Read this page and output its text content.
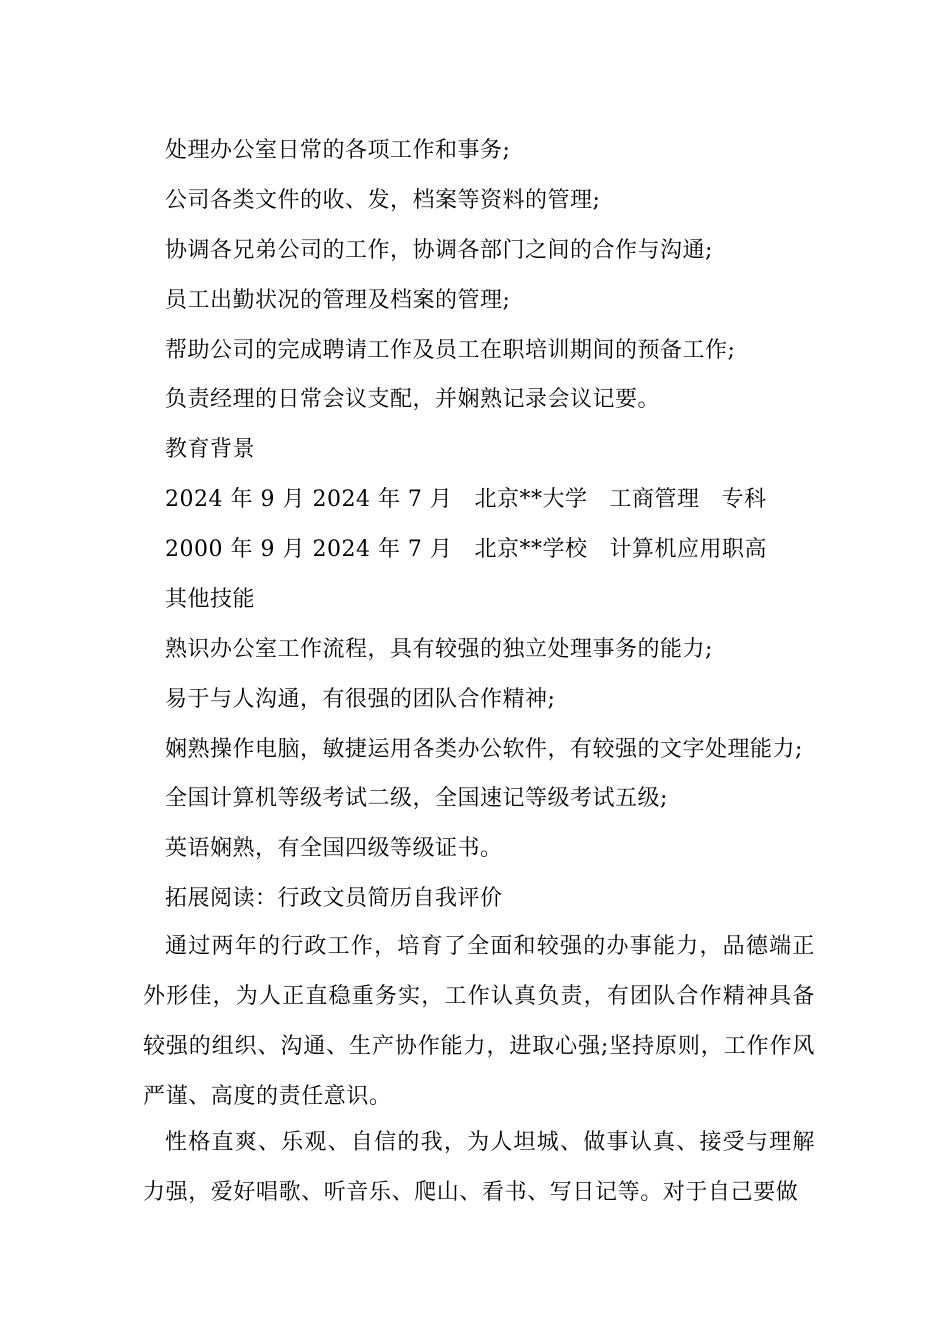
处理办公室日常的各项工作和事务;
公司各类文件的收、发，档案等资料的管理;
协调各兄弟公司的工作，协调各部门之间的合作与沟通;
员工出勤状况的管理及档案的管理;
帮助公司的完成聘请工作及员工在职培训期间的预备工作;
负责经理的日常会议支配，并娴熟记录会议记要。
教育背景
2024 年 9 月 2024 年 7 月 北京**大学 工商管理 专科
2000 年 9 月 2024 年 7 月 北京**学校 计算机应用职高
其他技能
熟识办公室工作流程，具有较强的独立处理事务的能力;
易于与人沟通，有很强的团队合作精神;
娴熟操作电脑，敏捷运用各类办公软件，有较强的文字处理能力;
全国计算机等级考试二级，全国速记等级考试五级;
英语娴熟，有全国四级等级证书。
拓展阅读：行政文员简历自我评价
通过两年的行政工作，培育了全面和较强的办事能力，品德端正外形佳，为人正直稳重务实，工作认真负责，有团队合作精神具备较强的组织、沟通、生产协作能力，进取心强;坚持原则，工作作风严谨、高度的责任意识。
性格直爽、乐观、自信的我，为人坦城、做事认真、接受与理解力强，爱好唱歌、听音乐、爬山、看书、写日记等。对于自己要做
